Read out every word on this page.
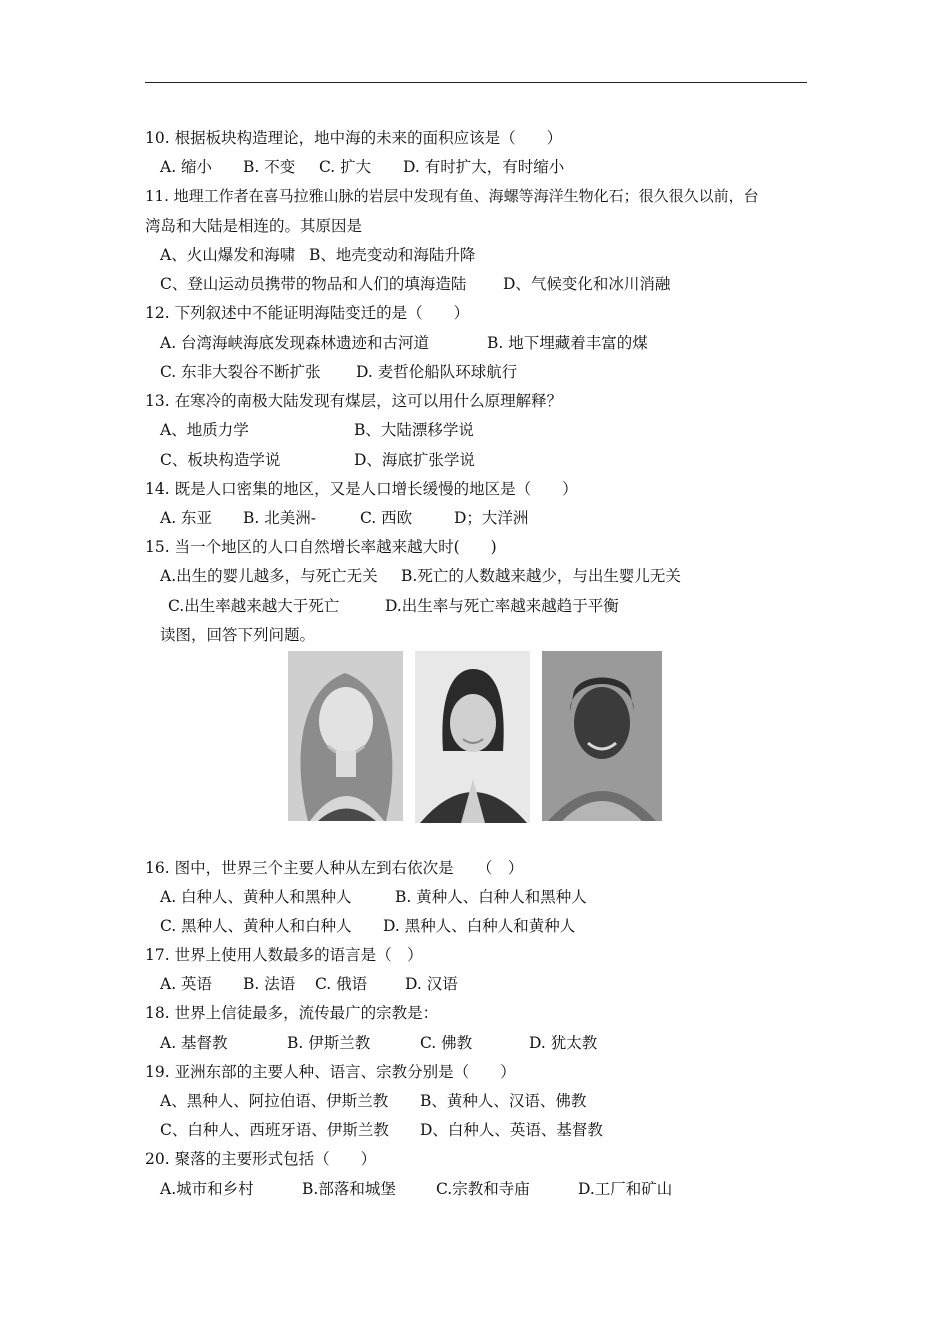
10. 根据板块构造理论，地中海的未来的面积应该是（　　）
A. 缩小 B. 不变 C. 扩大 D. 有时扩大，有时缩小
11. 地理工作者在喜马拉雅山脉的岩层中发现有鱼、海螺等海洋生物化石；很久很久以前，台
湾岛和大陆是相连的。其原因是
A、火山爆发和海啸 B、地壳变动和海陆升降
C、登山运动员携带的物品和人们的填海造陆 D、气候变化和冰川消融
12. 下列叙述中不能证明海陆变迁的是（　　）
A. 台湾海峡海底发现森林遗迹和古河道	B. 地下埋藏着丰富的煤
C. 东非大裂谷不断扩张 D. 麦哲伦船队环球航行
13. 在寒冷的南极大陆发现有煤层，这可以用什么原理解释？
A、地质力学	B、大陆漂移学说
C、板块构造学说	D、海底扩张学说
14. 既是人口密集的地区，又是人口增长缓慢的地区是（　　）
A. 东亚 B. 北美洲-	C. 西欧	D；大洋洲
15. 当一个地区的人口自然增长率越来越大时(　　)
A.出生的婴儿越多，与死亡无关 B.死亡的人数越来越少，与出生婴儿无关
C.出生率越来越大于死亡	D.出生率与死亡率越来越趋于平衡
读图，回答下列问题。
16. 图中，世界三个主要人种从左到右依次是　　（　）
A. 白种人、黄种人和黑种人	B. 黄种人、白种人和黑种人
C. 黑种人、黄种人和白种人 D. 黑种人、白种人和黄种人
17. 世界上使用人数最多的语言是（　）
A. 英语 B. 法语 C. 俄语 D. 汉语
18. 世界上信徒最多，流传最广的宗教是：
A. 基督教	B. 伊斯兰教	C. 佛教	D. 犹太教
19. 亚洲东部的主要人种、语言、宗教分别是（　　）
A、黑种人、阿拉伯语、伊斯兰教 B、黄种人、汉语、佛教
C、白种人、西班牙语、伊斯兰教 D、白种人、英语、基督教
20. 聚落的主要形式包括（　　）
A.城市和乡村	B.部落和城堡	C.宗教和寺庙	D.工厂和矿山
